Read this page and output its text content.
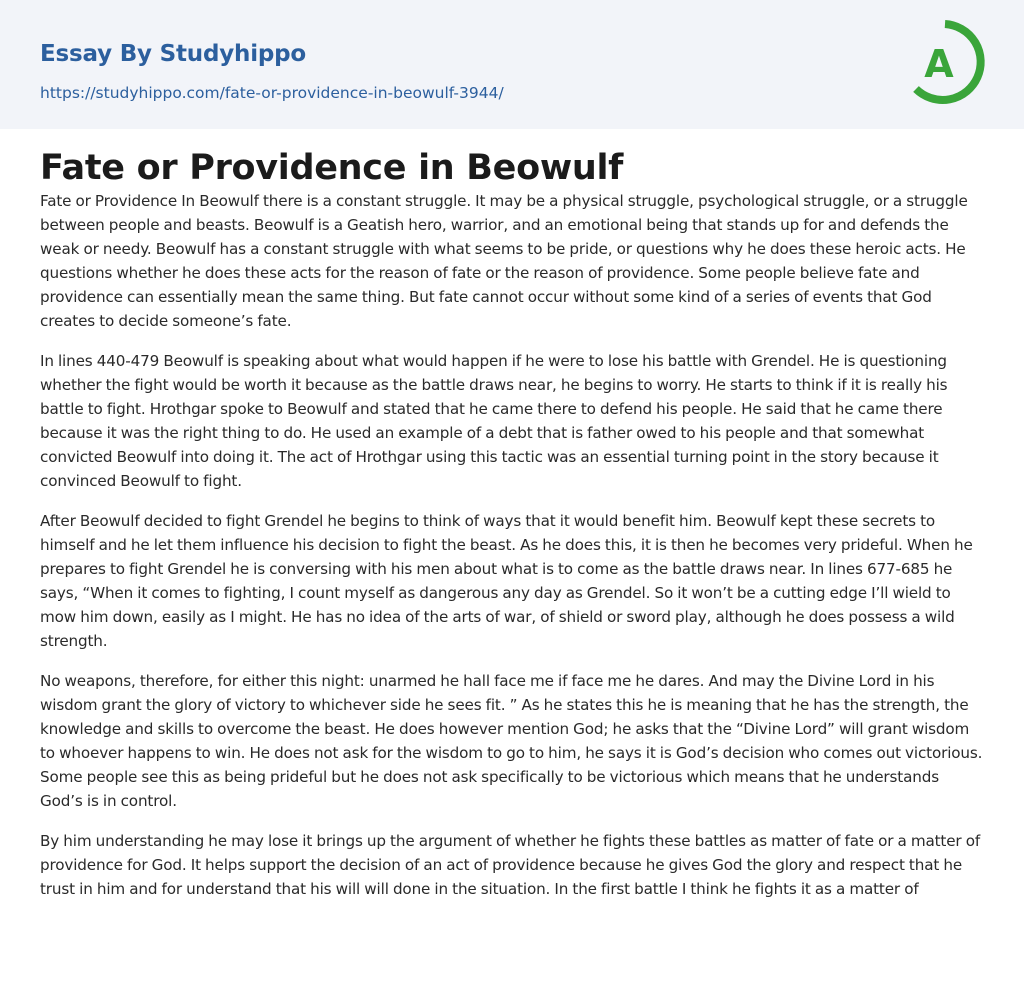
Essay By Studyhippo
https://studyhippo.com/fate-or-providence-in-beowulf-3944/
A
Fate or Providence in Beowulf

Fate or Providence In Beowulf there is a constant struggle. It may be a physical struggle, psychological struggle, or a struggle between people and beasts. Beowulf is a Geatish hero, warrior, and an emotional being that stands up for and defends the weak or needy. Beowulf has a constant struggle with what seems to be pride, or questions why he does these heroic acts. He questions whether he does these acts for the reason of fate or the reason of providence. Some people believe fate and providence can essentially mean the same thing. But fate cannot occur without some kind of a series of events that God creates to decide someone’s fate.

In lines 440-479 Beowulf is speaking about what would happen if he were to lose his battle with Grendel. He is questioning whether the fight would be worth it because as the battle draws near, he begins to worry. He starts to think if it is really his battle to fight. Hrothgar spoke to Beowulf and stated that he came there to defend his people. He said that he came there because it was the right thing to do. He used an example of a debt that is father owed to his people and that somewhat convicted Beowulf into doing it. The act of Hrothgar using this tactic was an essential turning point in the story because it convinced Beowulf to fight.

After Beowulf decided to fight Grendel he begins to think of ways that it would benefit him. Beowulf kept these secrets to himself and he let them influence his decision to fight the beast. As he does this, it is then he becomes very prideful. When he prepares to fight Grendel he is conversing with his men about what is to come as the battle draws near. In lines 677-685 he says, “When it comes to fighting, I count myself as dangerous any day as Grendel. So it won’t be a cutting edge I’ll wield to mow him down, easily as I might. He has no idea of the arts of war, of shield or sword play, although he does possess a wild strength.

No weapons, therefore, for either this night: unarmed he hall face me if face me he dares. And may the Divine Lord in his wisdom grant the glory of victory to whichever side he sees fit. ” As he states this he is meaning that he has the strength, the knowledge and skills to overcome the beast. He does however mention God; he asks that the “Divine Lord” will grant wisdom to whoever happens to win. He does not ask for the wisdom to go to him, he says it is God’s decision who comes out victorious. Some people see this as being prideful but he does not ask specifically to be victorious which means that he understands God’s is in control.

By him understanding he may lose it brings up the argument of whether he fights these battles as matter of fate or a matter of providence for God. It helps support the decision of an act of providence because he gives God the glory and respect that he trust in him and for understand that his will will done in the situation. In the first battle I think he fights it as a matter of
